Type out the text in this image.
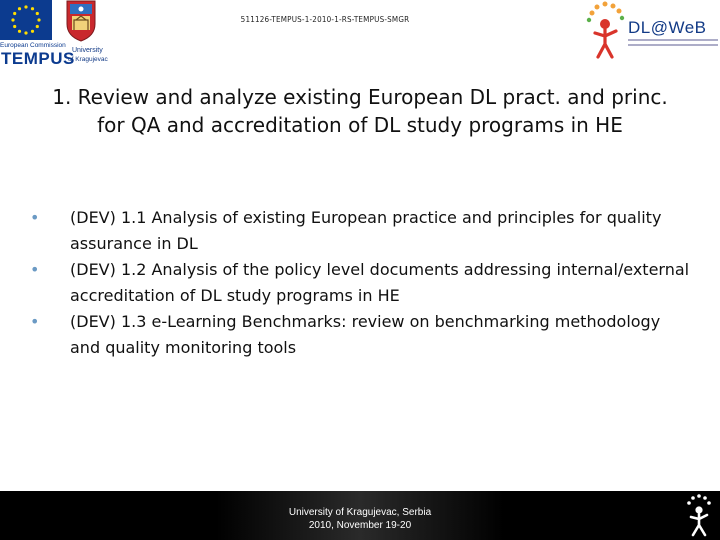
European Commission
TEMPUS
University
of Kragujevac
511126-TEMPUS-1-2010-1-RS-TEMPUS-SMGR	DL@WeB
1. Review and analyze existing European DL pract. and princ. for QA and accreditation of DL study programs in HE
• (DEV) 1.1 Analysis of existing European practice and principles for quality assurance in DL
• (DEV) 1.2 Analysis of the policy level documents addressing internal/external accreditation of DL study programs in HE
• (DEV) 1.3 e-Learning Benchmarks: review on benchmarking methodology and quality monitoring tools
University of Kragujevac, Serbia
2010, November 19-20
